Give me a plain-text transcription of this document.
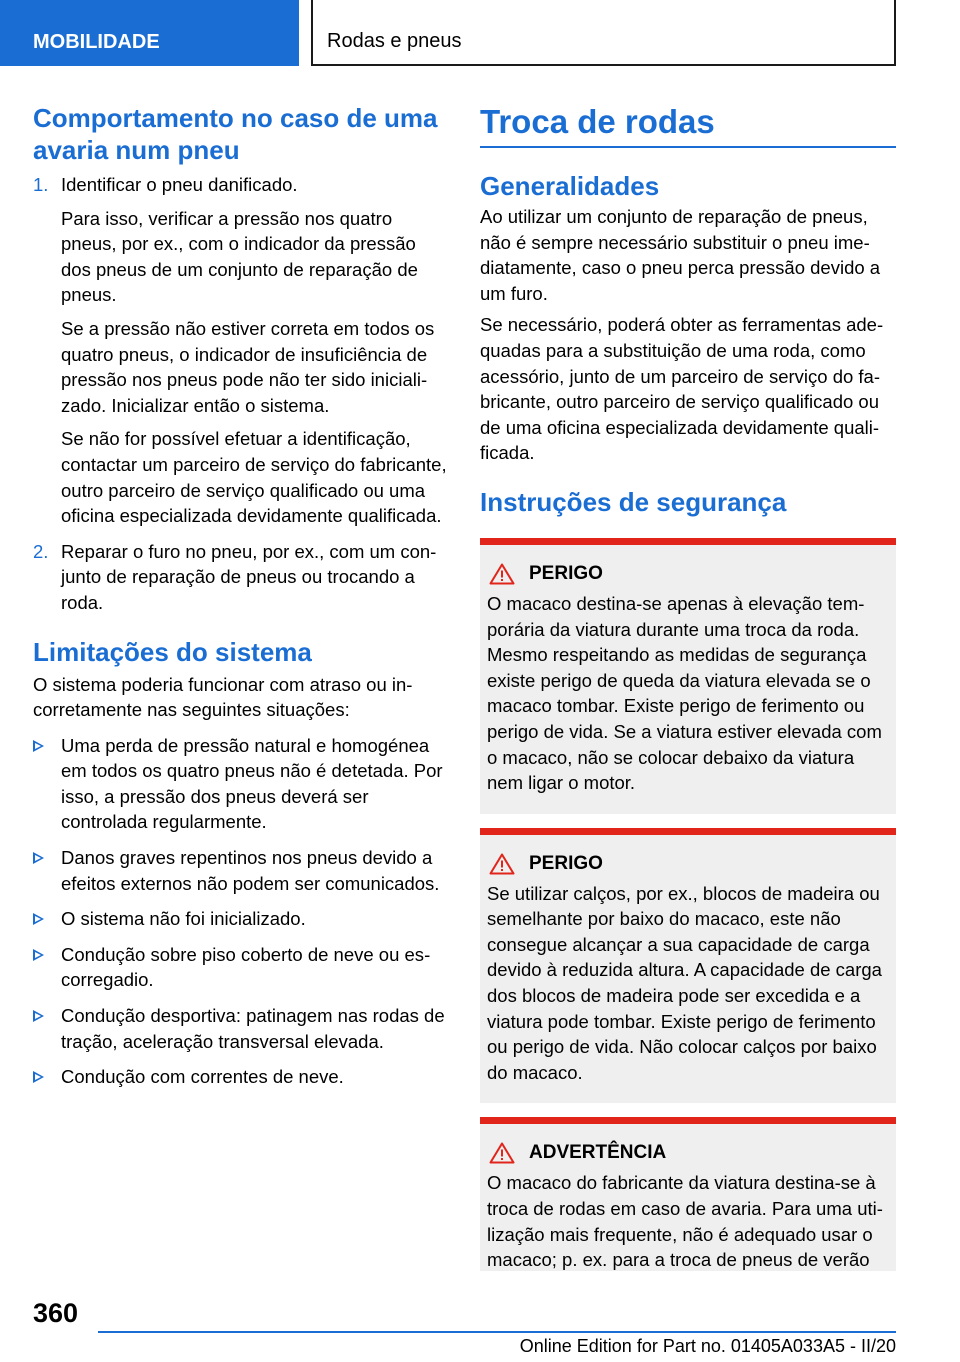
MOBILIDADE	Rodas e pneus
Comportamento no caso de uma avaria num pneu
1. Identificar o pneu danificado.

Para isso, verificar a pressão nos quatro pneus, por ex., com o indicador da pressão dos pneus de um conjunto de reparação de pneus.

Se a pressão não estiver correta em todos os quatro pneus, o indicador de insuficiência de pressão nos pneus pode não ter sido inicializado. Inicializar então o sistema.

Se não for possível efetuar a identificação, contactar um parceiro de serviço do fabricante, outro parceiro de serviço qualificado ou uma oficina especializada devidamente qualificada.

2. Reparar o furo no pneu, por ex., com um conjunto de reparação de pneus ou trocando a roda.

Limitações do sistema

O sistema poderia funcionar com atraso ou incorretamente nas seguintes situações:

Uma perda de pressão natural e homogénea em todos os quatro pneus não é detetada. Por isso, a pressão dos pneus deverá ser controlada regularmente.
Danos graves repentinos nos pneus devido a efeitos externos não podem ser comunicados.
O sistema não foi inicializado.
Condução sobre piso coberto de neve ou escorregadio.
Condução desportiva: patinagem nas rodas de tração, aceleração transversal elevada.
Condução com correntes de neve.
Troca de rodas
Generalidades

Ao utilizar um conjunto de reparação de pneus, não é sempre necessário substituir o pneu imediatamente, caso o pneu perca pressão devido a um furo.

Se necessário, poderá obter as ferramentas adequadas para a substituição de uma roda, como acessório, junto de um parceiro de serviço do fabricante, outro parceiro de serviço qualificado ou de uma oficina especializada devidamente qualificada.

Instruções de segurança
PERIGO

O macaco destina-se apenas à elevação temporária da viatura durante uma troca da roda. Mesmo respeitando as medidas de segurança existe perigo de queda da viatura elevada se o macaco tombar. Existe perigo de ferimento ou perigo de vida. Se a viatura estiver elevada com o macaco, não se colocar debaixo da viatura nem ligar o motor.

PERIGO

Se utilizar calços, por ex., blocos de madeira ou semelhante por baixo do macaco, este não consegue alcançar a sua capacidade de carga devido à reduzida altura. A capacidade de carga dos blocos de madeira pode ser excedida e a viatura pode tombar. Existe perigo de ferimento ou perigo de vida. Não colocar calços por baixo do macaco.

ADVERTÊNCIA

O macaco do fabricante da viatura destina-se à troca de rodas em caso de avaria. Para uma utilização mais frequente, não é adequado usar o macaco; p. ex. para a troca de pneus de verão

360
Online Edition for Part no. 01405A033A5 - II/20
